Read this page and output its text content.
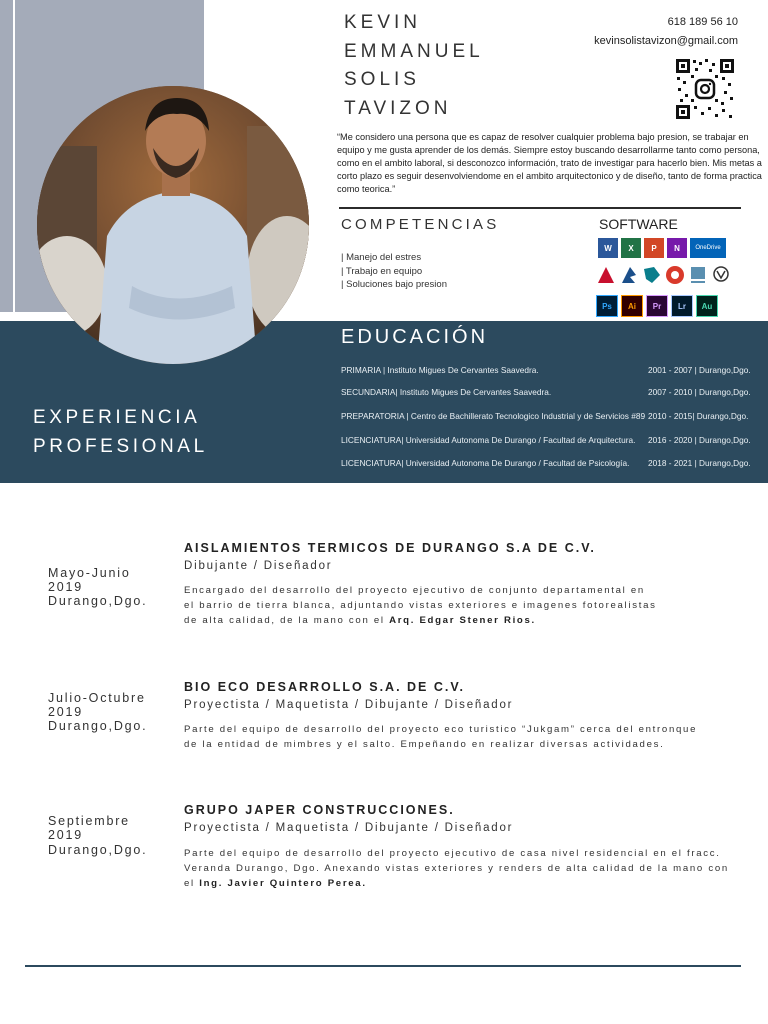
KEVIN
EMMANUEL
SOLIS
TAVIZON
618 189 56 10
kevinsolistavizon@gmail.com
“Me considero una persona que es capaz de resolver cualquier problema bajo presion, se trabajar en equipo y me gusta aprender de los demás. Siempre estoy buscando desarrollarme tanto como persona, como en el ambito laboral, si desconozco información, trato de investigar para hacerlo bien. Mis metas a corto plazo es seguir desenvolviendome en el ambito arquitectonico y de diseño, tanto de forma practica como teorica.”
COMPETENCIAS
| Manejo del estres
| Trabajo en equipo
| Soluciones bajo presion
SOFTWARE
W	X	P	N	OneDrive
Ps	Ai	Pr	Lr	Au
EDUCACIÓN
PRIMARIA | Instituto Migues De Cervantes Saavedra.	2001 - 2007 | Durango,Dgo.
SECUNDARIA| Instituto Migues De Cervantes Saavedra.	2007 - 2010 | Durango,Dgo.
PREPARATORIA | Centro de Bachillerato Tecnologico Industrial y de Servicios #89 2010 - 2015| Durango,Dgo.
LICENCIATURA| Universidad Autonoma De Durango / Facultad de Arquitectura. 2016 - 2020 | Durango,Dgo.
LICENCIATURA| Universidad Autonoma De Durango / Facultad de Psicología. 2018 - 2021 | Durango,Dgo.
EXPERIENCIA
PROFESIONAL
Mayo-Junio
2019
Durango,Dgo.
AISLAMIENTOS TERMICOS DE DURANGO S.A DE C.V.
Dibujante / Diseñador
Encargado del desarrollo del proyecto ejecutivo de conjunto departamental en
el barrio de tierra blanca, adjuntando vistas exteriores e imagenes fotorealistas
de alta calidad, de la mano con el Arq. Edgar Stener Rios.
Julio-Octubre
2019
Durango,Dgo.
BIO ECO DESARROLLO S.A. DE C.V.
Proyectista / Maquetista / Dibujante / Diseñador
Parte del equipo de desarrollo del proyecto eco turistico “Jukgam” cerca del entronque
de la entidad de mimbres y el salto. Empeñando en realizar diversas actividades.
Septiembre
2019
Durango,Dgo.
GRUPO JAPER CONSTRUCCIONES.
Proyectista / Maquetista / Dibujante / Diseñador
Parte del equipo de desarrollo del proyecto ejecutivo de casa nivel residencial en el fracc.
Veranda Durango, Dgo. Anexando vistas exteriores y renders de alta calidad de la mano con
el Ing. Javier Quintero Perea.
